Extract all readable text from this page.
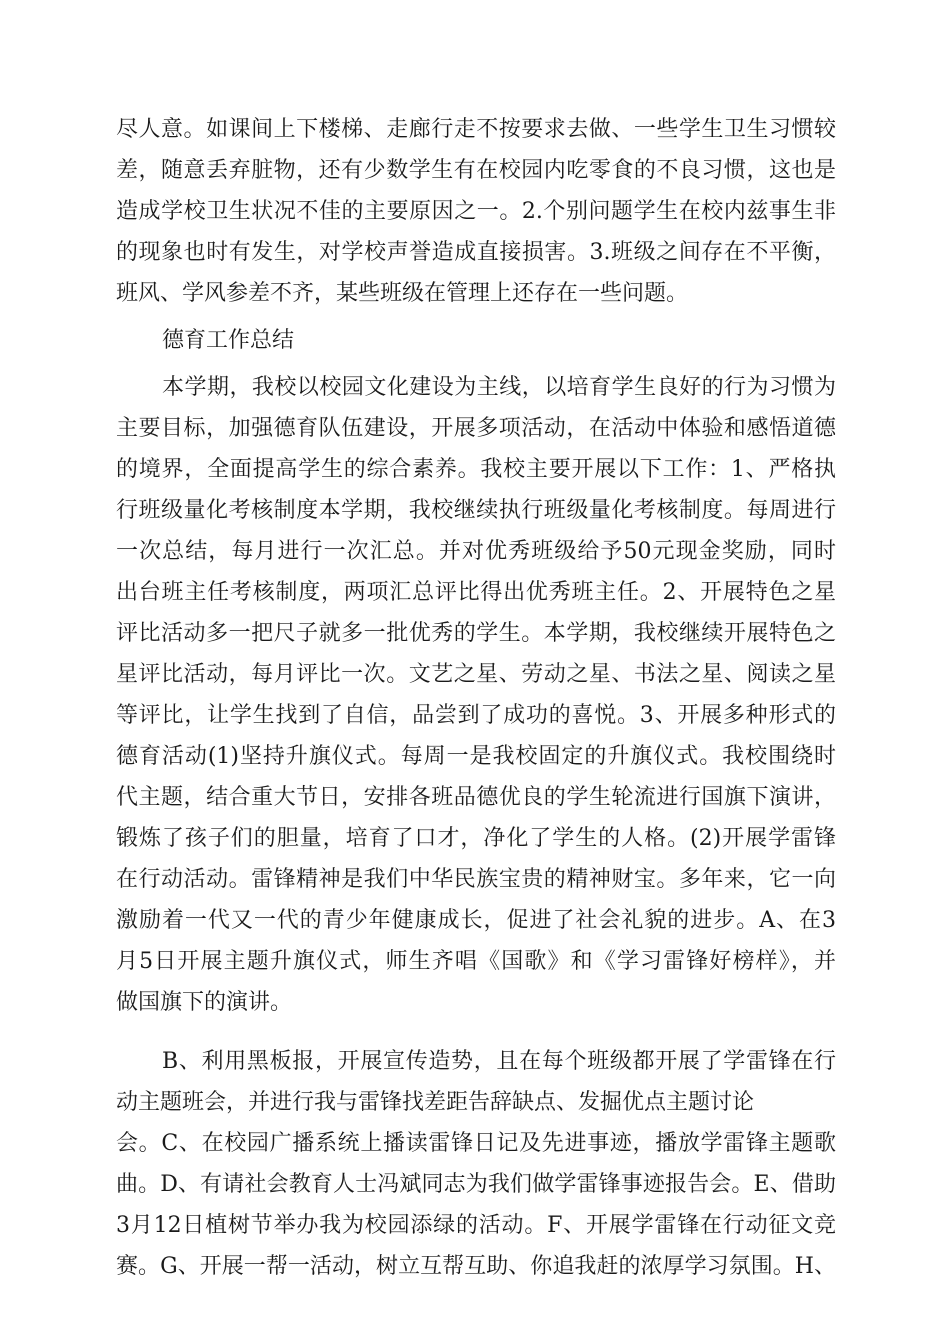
尽人意。如课间上下楼梯、走廊行走不按要求去做、一些学生卫生习惯较
差，随意丢弃脏物，还有少数学生有在校园内吃零食的不良习惯，这也是
造成学校卫生状况不佳的主要原因之一。2.个别问题学生在校内兹事生非
的现象也时有发生，对学校声誉造成直接损害。3.班级之间存在不平衡，
班风、学风参差不齐，某些班级在管理上还存在一些问题。
德育工作总结
本学期，我校以校园文化建设为主线，以培育学生良好的行为习惯为
主要目标，加强德育队伍建设，开展多项活动，在活动中体验和感悟道德
的境界，全面提高学生的综合素养。我校主要开展以下工作：1、严格执
行班级量化考核制度本学期，我校继续执行班级量化考核制度。每周进行
一次总结，每月进行一次汇总。并对优秀班级给予50元现金奖励，同时
出台班主任考核制度，两项汇总评比得出优秀班主任。2、开展特色之星
评比活动多一把尺子就多一批优秀的学生。本学期，我校继续开展特色之
星评比活动，每月评比一次。文艺之星、劳动之星、书法之星、阅读之星
等评比，让学生找到了自信，品尝到了成功的喜悦。3、开展多种形式的
德育活动(1)坚持升旗仪式。每周一是我校固定的升旗仪式。我校围绕时
代主题，结合重大节日，安排各班品德优良的学生轮流进行国旗下演讲，
锻炼了孩子们的胆量，培育了口才，净化了学生的人格。(2)开展学雷锋
在行动活动。雷锋精神是我们中华民族宝贵的精神财宝。多年来，它一向
激励着一代又一代的青少年健康成长，促进了社会礼貌的进步。A、在3
月5日开展主题升旗仪式，师生齐唱《国歌》和《学习雷锋好榜样》，并
做国旗下的演讲。
B、利用黑板报，开展宣传造势，且在每个班级都开展了学雷锋在行
动主题班会，并进行我与雷锋找差距告辞缺点、发掘优点主题讨论
会。C、在校园广播系统上播读雷锋日记及先进事迹，播放学雷锋主题歌
曲。D、有请社会教育人士冯斌同志为我们做学雷锋事迹报告会。E、借助
3月12日植树节举办我为校园添绿的活动。F、开展学雷锋在行动征文竞
赛。G、开展一帮一活动，树立互帮互助、你追我赶的浓厚学习氛围。H、
